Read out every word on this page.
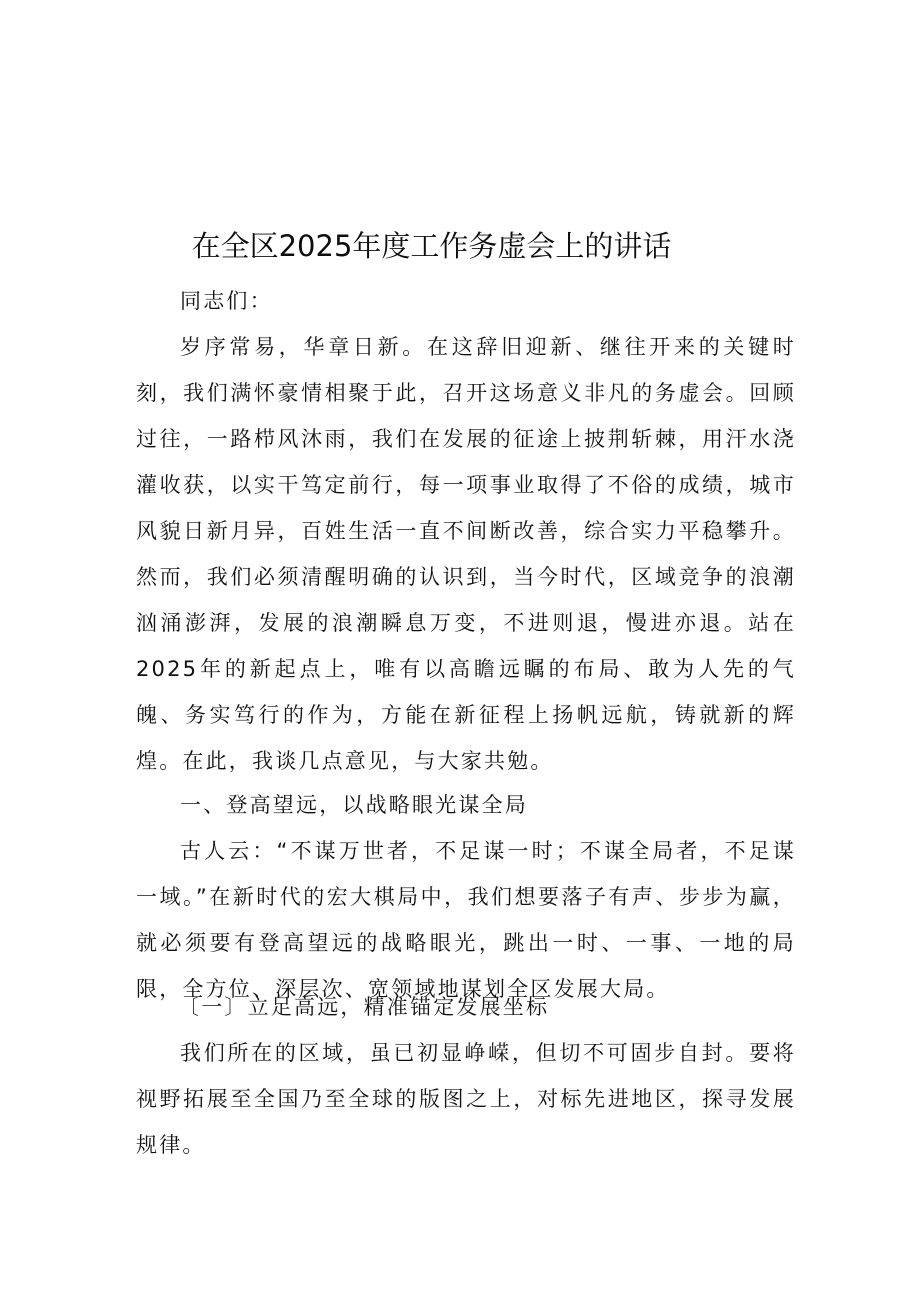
在全区2025年度工作务虚会上的讲话

同志们：

岁序常易，华章日新。在这辞旧迎新、继往开来的关键时刻，我们满怀豪情相聚于此，召开这场意义非凡的务虚会。回顾过往，一路栉风沐雨，我们在发展的征途上披荆斩棘，用汗水浇灌收获，以实干笃定前行，每一项事业取得了不俗的成绩，城市风貌日新月异，百姓生活一直不间断改善，综合实力平稳攀升。然而，我们必须清醒明确的认识到，当今时代，区域竞争的浪潮汹涌澎湃，发展的浪潮瞬息万变，不进则退，慢进亦退。站在2025年的新起点上，唯有以高瞻远瞩的布局、敢为人先的气魄、务实笃行的作为，方能在新征程上扬帆远航，铸就新的辉煌。在此，我谈几点意见，与大家共勉。

一、登高望远，以战略眼光谋全局

古人云：“不谋万世者，不足谋一时；不谋全局者，不足谋一域。”在新时代的宏大棋局中，我们想要落子有声、步步为赢，就必须要有登高望远的战略眼光，跳出一时、一事、一地的局限，全方位、深层次、宽领域地谋划全区发展大局。

〔一〕立足高远，精准锚定发展坐标

我们所在的区域，虽已初显峥嵘，但切不可固步自封。要将视野拓展至全国乃至全球的版图之上，对标先进地区，探寻发展规律。
